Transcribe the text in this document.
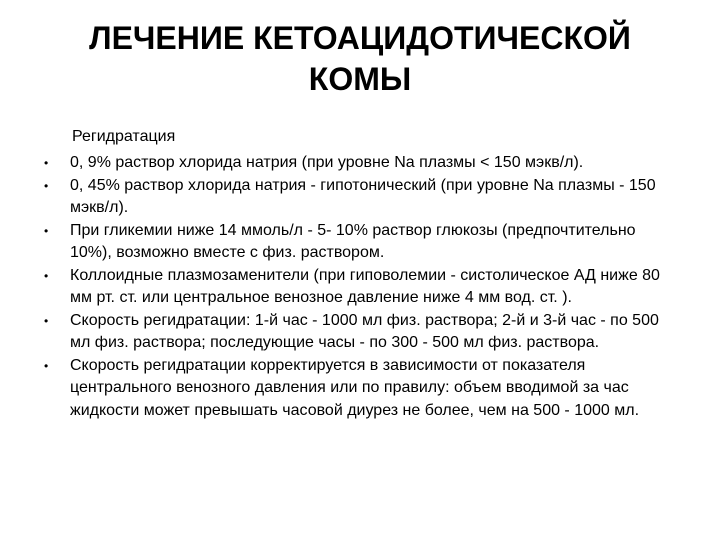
ЛЕЧЕНИЕ КЕТОАЦИДОТИЧЕСКОЙ
КОМЫ
Регидратация
• 0, 9% раствор хлорида натрия (при уровне Na плазмы < 150 мэкв/л).
• 0, 45% раствор хлорида натрия - гипотонический (при уровне Na плазмы - 150 мэкв/л).
• При гликемии ниже 14 ммоль/л - 5- 10% раствор глюкозы (предпочтительно 10%), возможно вместе с физ. раствором.
• Коллоидные плазмозаменители (при гиповолемии - систолическое АД ниже 80 мм рт. ст. или центральное венозное давление ниже 4 мм вод. ст. ).
• Скорость регидратации: 1-й час - 1000 мл физ. раствора; 2-й и 3-й час - по 500 мл физ. раствора; последующие часы - по 300 - 500 мл физ. раствора.
• Скорость регидратации корректируется в зависимости от показателя центрального венозного давления или по правилу: объем вводимой за час жидкости может превышать часовой диурез не более, чем на 500 - 1000 мл.
